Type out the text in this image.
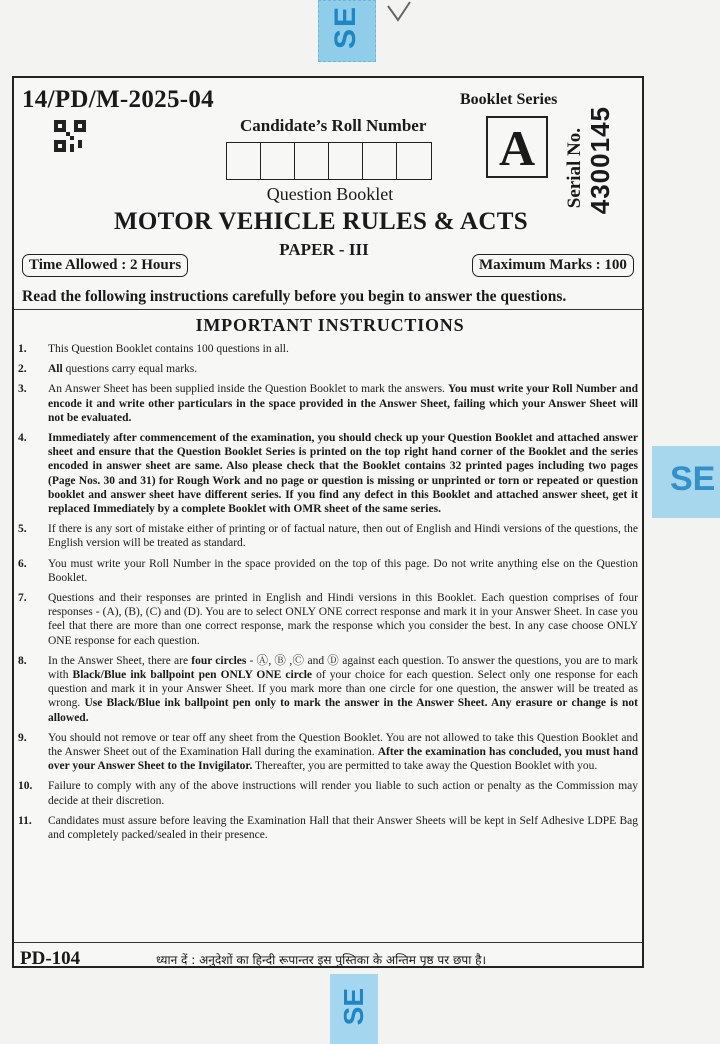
SE
SE
SE
14/PD/M-2025-04
Candidate’s Roll Number
Booklet Series
A	Serial No. 4300145
Question Booklet
MOTOR VEHICLE RULES & ACTS
PAPER - III
Time Allowed : 2 Hours	Maximum Marks : 100
Read the following instructions carefully before you begin to answer the questions.
IMPORTANT INSTRUCTIONS
1. This Question Booklet contains 100 questions in all.
2. All questions carry equal marks.
3. An Answer Sheet has been supplied inside the Question Booklet to mark the answers. You must write your Roll Number and encode it and write other particulars in the space provided in the Answer Sheet, failing which your Answer Sheet will not be evaluated.
4. Immediately after commencement of the examination, you should check up your Question Booklet and attached answer sheet and ensure that the Question Booklet Series is printed on the top right hand corner of the Booklet and the series encoded in answer sheet are same. Also please check that the Booklet contains 32 printed pages including two pages (Page Nos. 30 and 31) for Rough Work and no page or question is missing or unprinted or torn or repeated or question booklet and answer sheet have different series. If you find any defect in this Booklet and attached answer sheet, get it replaced Immediately by a complete Booklet with OMR sheet of the same series.
5. If there is any sort of mistake either of printing or of factual nature, then out of English and Hindi versions of the questions, the English version will be treated as standard.
6. You must write your Roll Number in the space provided on the top of this page. Do not write anything else on the Question Booklet.
7. Questions and their responses are printed in English and Hindi versions in this Booklet. Each question comprises of four responses - (A), (B), (C) and (D). You are to select ONLY ONE correct response and mark it in your Answer Sheet. In case you feel that there are more than one correct response, mark the response which you consider the best. In any case choose ONLY ONE response for each question.
8. In the Answer Sheet, there are four circles - Ⓐ, Ⓑ ,Ⓒ and Ⓓ against each question. To answer the questions, you are to mark with Black/Blue ink ballpoint pen ONLY ONE circle of your choice for each question. Select only one response for each question and mark it in your Answer Sheet. If you mark more than one circle for one question, the answer will be treated as wrong. Use Black/Blue ink ballpoint pen only to mark the answer in the Answer Sheet. Any erasure or change is not allowed.
9. You should not remove or tear off any sheet from the Question Booklet. You are not allowed to take this Question Booklet and the Answer Sheet out of the Examination Hall during the examination. After the examination has concluded, you must hand over your Answer Sheet to the Invigilator. Thereafter, you are permitted to take away the Question Booklet with you.
10. Failure to comply with any of the above instructions will render you liable to such action or penalty as the Commission may decide at their discretion.
11. Candidates must assure before leaving the Examination Hall that their Answer Sheets will be kept in Self Adhesive LDPE Bag and completely packed/sealed in their presence.
PD-104	ध्यान दें : अनुदेशों का हिन्दी रूपान्तर इस पुस्तिका के अन्तिम पृष्ठ पर छपा है।
